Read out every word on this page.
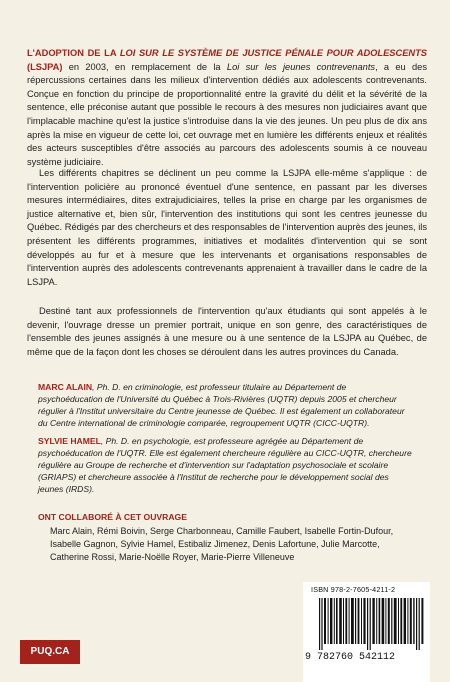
L'ADOPTION DE LA LOI SUR LE SYSTÈME DE JUSTICE PÉNALE POUR ADOLESCENTS (LSJPA) en 2003, en remplacement de la Loi sur les jeunes contrevenants, a eu des répercussions certaines dans les milieux d'intervention dédiés aux adolescents contrevenants. Conçue en fonction du principe de proportionnalité entre la gravité du délit et la sévérité de la sentence, elle préconise autant que possible le recours à des mesures non judiciaires avant que l'implacable machine qu'est la justice s'introduise dans la vie des jeunes. Un peu plus de dix ans après la mise en vigueur de cette loi, cet ouvrage met en lumière les différents enjeux et réalités des acteurs susceptibles d'être associés au parcours des adolescents soumis à ce nouveau système judiciaire.
Les différents chapitres se déclinent un peu comme la LSJPA elle-même s'applique : de l'intervention policière au prononcé éventuel d'une sentence, en passant par les diverses mesures intermédiaires, dites extrajudiciaires, telles la prise en charge par les organismes de justice alternative et, bien sûr, l'intervention des institutions qui sont les centres jeunesse du Québec. Rédigés par des chercheurs et des responsables de l'intervention auprès des jeunes, ils présentent les différents programmes, initiatives et modalités d'intervention qui se sont développés au fur et à mesure que les intervenants et organisations responsables de l'intervention auprès des adolescents contrevenants apprenaient à travailler dans le cadre de la LSJPA.
Destiné tant aux professionnels de l'intervention qu'aux étudiants qui sont appelés à le devenir, l'ouvrage dresse un premier portrait, unique en son genre, des caractéristiques de l'ensemble des jeunes assignés à une mesure ou à une sentence de la LSJPA au Québec, de même que de la façon dont les choses se déroulent dans les autres provinces du Canada.
MARC ALAIN, Ph. D. en criminologie, est professeur titulaire au Département de psychoéducation de l'Université du Québec à Trois-Rivières (UQTR) depuis 2005 et chercheur régulier à l'Institut universitaire du Centre jeunesse de Québec. Il est également un collaborateur du Centre international de criminologie comparée, regroupement UQTR (CICC-UQTR).
SYLVIE HAMEL, Ph. D. en psychologie, est professeure agrégée au Département de psychoéducation de l'UQTR. Elle est également chercheure régulière au CICC-UQTR, chercheure régulière au Groupe de recherche et d'intervention sur l'adaptation psychosociale et scolaire (GRIAPS) et chercheure associée à l'Institut de recherche pour le développement social des jeunes (IRDS).
ONT COLLABORÉ À CET OUVRAGE
Marc Alain, Rémi Boivin, Serge Charbonneau, Camille Faubert, Isabelle Fortin-Dufour, Isabelle Gagnon, Sylvie Hamel, Estibaliz Jimenez, Denis Lafortune, Julie Marcotte, Catherine Rossi, Marie-Noëlle Royer, Marie-Pierre Villeneuve
PUQ.CA
ISBN 978-2-7605-4211-2
9 782760 542112
